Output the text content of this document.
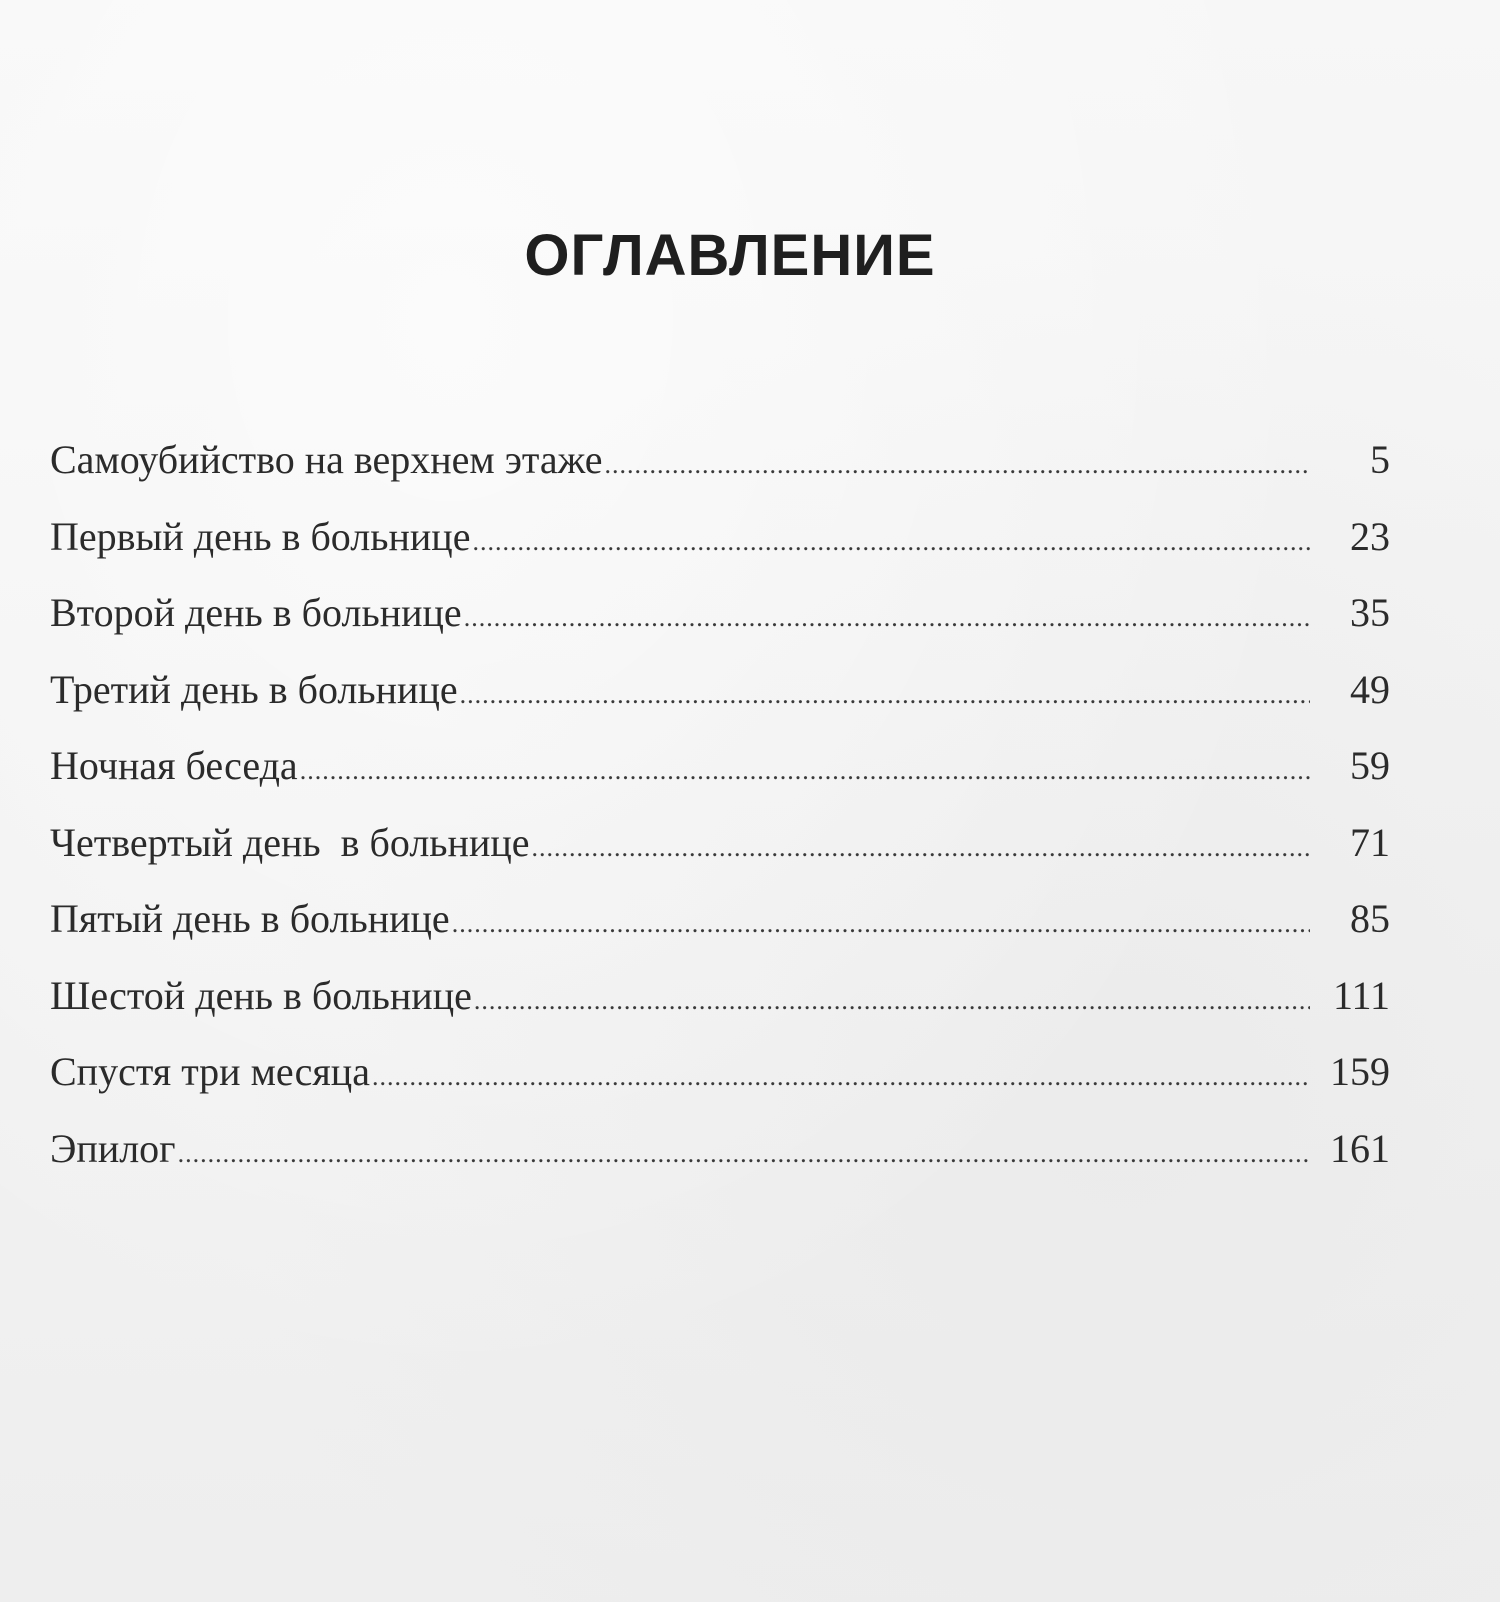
ОГЛАВЛЕНИЕ
Самоубийство на верхнем этаже .....	5
Первый день в больнице .....	23
Второй день в больнице .....	35
Третий день в больнице .....	49
Ночная беседа .....	59
Четвертый день  в больнице .....	71
Пятый день в больнице .....	85
Шестой день в больнице .....	111
Спустя три месяца .....	159
Эпилог .....	161
